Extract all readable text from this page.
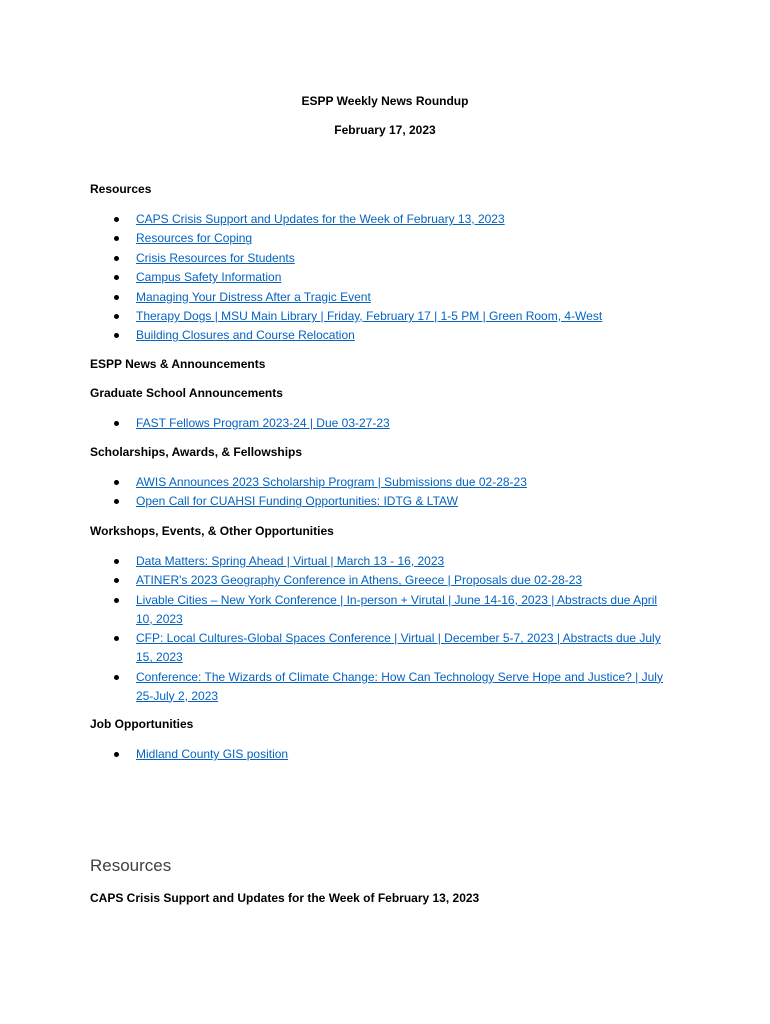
ESPP Weekly News Roundup
February 17, 2023

Resources

CAPS Crisis Support and Updates for the Week of February 13, 2023
Resources for Coping
Crisis Resources for Students
Campus Safety Information
Managing Your Distress After a Tragic Event
Therapy Dogs | MSU Main Library | Friday, February 17 | 1-5 PM | Green Room, 4-West
Building Closures and Course Relocation

ESPP News & Announcements

Graduate School Announcements

FAST Fellows Program 2023-24 | Due 03-27-23

Scholarships, Awards, & Fellowships

AWIS Announces 2023 Scholarship Program | Submissions due 02-28-23
Open Call for CUAHSI Funding Opportunities: IDTG & LTAW

Workshops, Events, & Other Opportunities

Data Matters: Spring Ahead | Virtual | March 13 - 16, 2023
ATINER's 2023 Geography Conference in Athens, Greece | Proposals due 02-28-23
Livable Cities – New York Conference | In-person + Virutal | June 14-16, 2023 | Abstracts due April 10, 2023
CFP: Local Cultures-Global Spaces Conference | Virtual | December 5-7, 2023 | Abstracts due July 15, 2023
Conference: The Wizards of Climate Change: How Can Technology Serve Hope and Justice? | July 25-July 2, 2023

Job Opportunities

Midland County GIS position
Resources

CAPS Crisis Support and Updates for the Week of February 13, 2023
